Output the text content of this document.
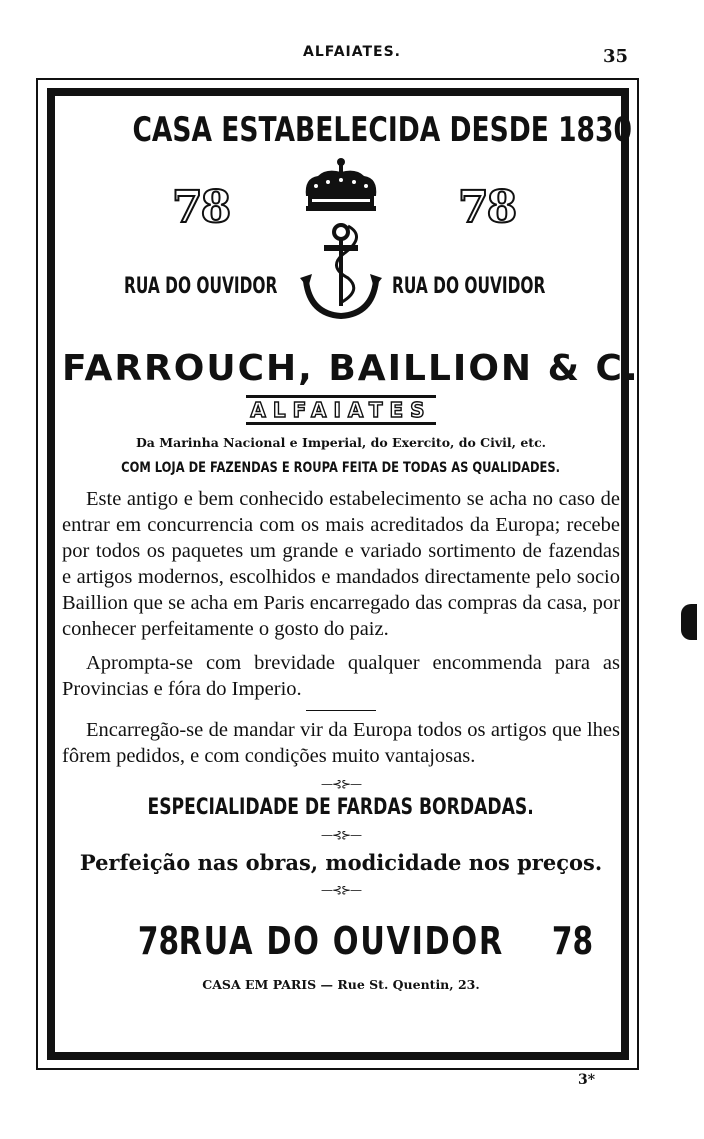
ALFAIATES.	35
CASA ESTABELECIDA DESDE 1830
78	78
RUA DO OUVIDOR	RUA DO OUVIDOR
FARROUCH, BAILLION & C.
ALFAIATES
Da Marinha Nacional e Imperial, do Exercito, do Civil, etc.
COM LOJA DE FAZENDAS E ROUPA FEITA DE TODAS AS QUALIDADES.
Este antigo e bem conhecido estabelecimento se acha no caso de entrar em concurrencia com os mais acreditados da Europa; recebe por todos os paquetes um grande e variado sortimento de fazendas e artigos modernos, escolhidos e mandados directamente pelo socio Baillion que se acha em Paris encarregado das compras da casa, por conhecer perfeitamente o gosto do paiz.
Apromptа-se com brevidade qualquer encommenda para as Provincias e fóra do Imperio.
Encarregão-se de mandar vir da Europa todos os artigos que lhes fôrem pedidos, e com condições muito vantajosas.
—⊰⊱—
ESPECIALIDADE DE FARDAS BORDADAS.
—⊰⊱—
Perfeição nas obras, modicidade nos preços.
—⊰⊱—
78 RUA DO OUVIDOR	78
CASA EM PARIS — Rue St. Quentin, 23.
3*
